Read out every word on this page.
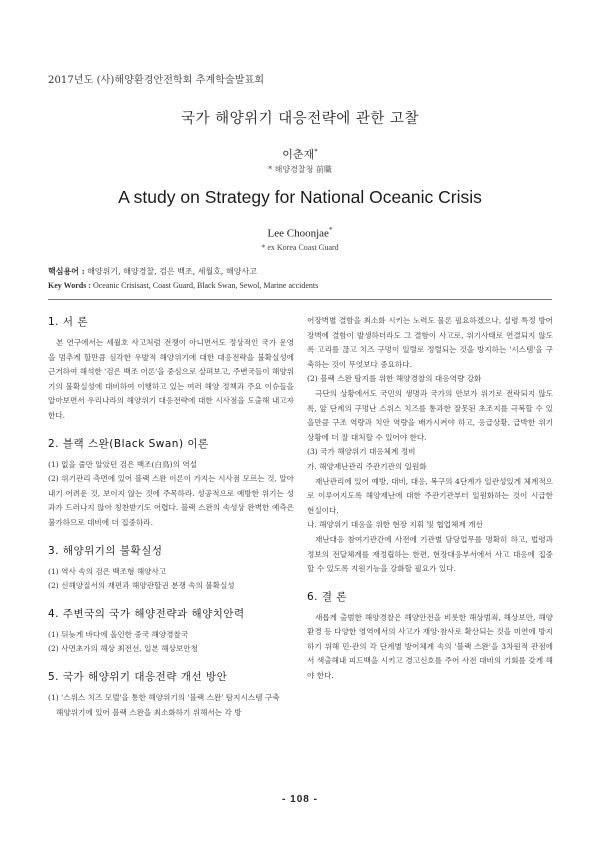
2017년도 (사)해양환경안전학회 추계학술발표회
국가 해양위기 대응전략에 관한 고찰
이춘재*
* 해양경찰청 前職
A study on Strategy for National Oceanic Crisis
Lee Choonjae*
* ex Korea Coast Guard
핵심용어 : 해양위기, 해양경찰, 검은 백조, 세월호, 해양사고
Key Words : Oceanic Crisisast, Coast Guard, Black Swan, Sewol, Marine accidents

1. 서 론

본 연구에서는 세월호 사고처럼 전쟁이 아니면서도 정상적인 국가 운영을 멈추게 할만큼 심각한 우발적 해양위기에 대한 대응전략을 불확실성에 근거하여 해석한 '검은 백조 이론'을 중심으로 살펴보고, 주변국들이 해양위기의 불확실성에 대비하여 이행하고 있는 여러 해양 정책과 주요 이슈들을 알아보면서 우리나라의 해양위기 대응전략에 대한 시사점을 도출해 내고자 한다.

2. 블랙 스완(Black Swan) 이론

(1) 없을 줄만 알았던 검은 백조(白鳥)의 역설

(2) 위기관리 측면에 있어 블랙 스완 이론이 가지는 시사점 모르는 것, 알아내기 어려운 것, 보이지 않는 것에 주목하라. 성공적으로 예방한 위기는 성과가 드러나지 않아 칭찬받기도 어렵다. 블랙 스완의 속성상 완벽한 예측은 불가하므로 대비에 더 집중하라.

3. 해양위기의 불확실성

(1) 역사 속의 검은 백조형 해양사고

(2) 신해양질서의 재편과 해양관할권 분쟁 속의 불확실성

4. 주변국의 국가 해양전략과 해양치안력

(1) 뒤늦게 바다에 올인한 중국 해양경찰국

(2) 사면초가의 해상 최전선, 일본 해상보안청

5. 국가 해양위기 대응전략 개선 방안

(1) '스위스 치즈 모델'을 통한 해양위기의 '블랙 스완' 탐지시스템 구축

해양위기에 있어 블랙 스완을 최소화하기 위해서는 각 방

어장벽별 결함을 최소화 시키는 노력도 물론 필요하겠으나, 설령 특정 방어장벽에 결함이 발생하더라도 그 결함이 사고로, 위기사태로 연결되지 않도록 고리를 끊고 치즈 구멍이 일렬로 정렬되는 것을 방지하는 '시스템'을 구축하는 것이 무엇보다 중요하다.

(2) 블랙 스완 탐지를 위한 해양경찰의 대응역량 강화

극단의 상황에서도 국민의 생명과 국가의 안보가 위기로 전락되지 않도록, 앞 단계의 구멍난 스위스 치즈를 통과한 잘못된 초조지를 극복할 수 있을만큼 구조 역량과 치안 역량을 배가시켜야 하고, 응급상황, 급박한 위기상황에 더 잘 대처할 수 있어야 한다.

(3) 국가 해양위기 대응체계 정비

가. 해양재난관리 주관기관의 일원화

재난관리에 있어 예방, 대비, 대응, 복구의 4단계가 일관성있게 체계적으로 이루어지도록 해양재난에 대한 주관기관부터 일원화하는 것이 시급한 현실이다.

나. 해양위기 대응을 위한 현장 지휘 및 협업체계 개선

재난대응 참여기관간에 사전에 기관별 담당업무를 명확히 하고, 법령과 정보의 전달체계를 재정립하는 한편, 현장대응부서에서 사고 대응에 집중할 수 있도록 지원기능을 강화할 필요가 있다.

6. 결 론

새롭게 출범한 해양경찰은 해양안전을 비롯한 해상범죄, 해상보안, 해양환경 등 다양한 영역에서의 사고가 재앙·참사로 확산되는 것을 미연에 방지하기 위해 민·관의 각 단계별 방어체계 속의 '블랙 스완'을 3차원적 관점에서 색출해내 피드백을 시키고 경고신호를 주어 사전 대비의 기회를 갖게 해야 한다.

- 108 -
